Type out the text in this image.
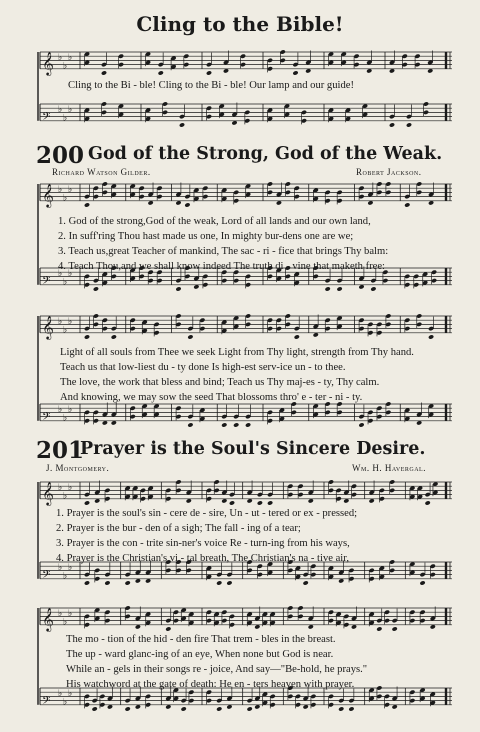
Cling to the Bible!
𝄞 ♭
♭
♭
𝄢
♭
♭
♭
𝄞 ♭
♭
♭
𝄢
♭
♭
♭
𝄞 ♭
♭
♭
𝄢
♭
♭
♭
𝄞 ♭
♭
♭
𝄢
♭
♭
♭
𝄞 ♭
♭
♭
𝄢
♭
♭
♭
Cling to the Bi - ble! Cling to the Bi - ble! Our lamp and our guide!
200 God of the Strong, God of the Weak.
Richard Watson Gilder.	Robert Jackson.
1. God of the strong,God of the weak, Lord of all lands and our own land,
2. In suff'ring Thou hast made us one, In mighty bur-dens one are we;
3. Teach us,great Teacher of mankind, The sac - ri - fice that brings Thy balm:
4. Teach Thou,and we shall know indeed The truth di - vine that maketh free:
Light of all souls from Thee we seek Light from Thy light, strength from Thy hand.
Teach us that low-liest du - ty done Is high-est serv-ice un - to thee.
The love, the work that bless and bind; Teach us Thy maj-es - ty, Thy calm.
And knowing, we may sow the seed That blossoms thro' e - ter - ni - ty.
201
Prayer is the Soul's Sincere Desire.
J. Montgomery.	Wm. H. Havergal.
1. Prayer is the soul's sin - cere de - sire, Un - ut - tered or ex - pressed;
2. Prayer is the bur - den of a sigh; The fall - ing of a tear;
3. Prayer is the con - trite sin-ner's voice Re - turn-ing from his ways,
4. Prayer is the Christian's vi - tal breath, The Christian's na - tive air,
The mo - tion of the hid - den fire That trem - bles in the breast.
The up - ward glanc-ing of an eye, When none but God is near.
While an - gels in their songs re - joice, And say—"Be-hold, he prays."
His watchword at the gate of death: He en - ters heaven with prayer.
